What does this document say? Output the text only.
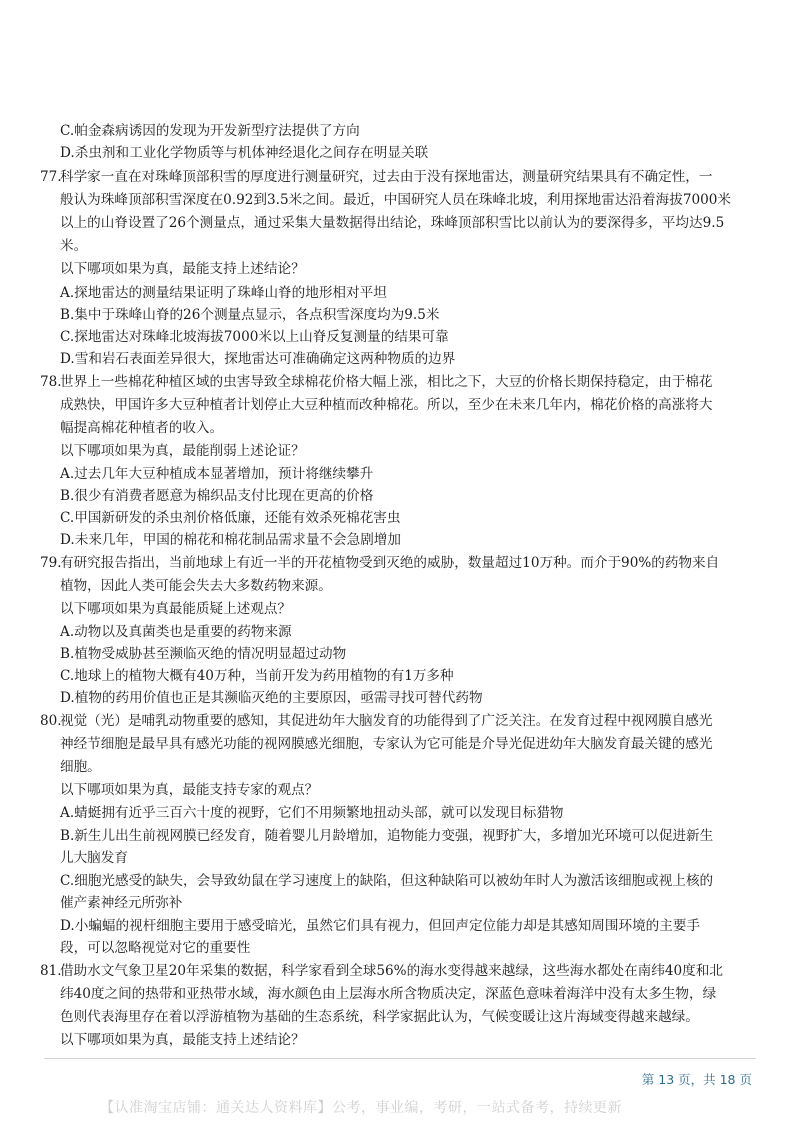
C.帕金森病诱因的发现为开发新型疗法提供了方向
D.杀虫剂和工业化学物质等与机体神经退化之间存在明显关联
77.
科学家一直在对珠峰顶部积雪的厚度进行测量研究，过去由于没有探地雷达，测量研究结果具有不确定性，一
般认为珠峰顶部积雪深度在0.92到3.5米之间。最近，中国研究人员在珠峰北坡，利用探地雷达沿着海拔7000米
以上的山脊设置了26个测量点，通过采集大量数据得出结论，珠峰顶部积雪比以前认为的要深得多，平均达9.5
米。
以下哪项如果为真，最能支持上述结论？
A.探地雷达的测量结果证明了珠峰山脊的地形相对平坦
B.集中于珠峰山脊的26个测量点显示，各点积雪深度均为9.5米
C.探地雷达对珠峰北坡海拔7000米以上山脊反复测量的结果可靠
D.雪和岩石表面差异很大，探地雷达可准确确定这两种物质的边界
78.
世界上一些棉花种植区域的虫害导致全球棉花价格大幅上涨，相比之下，大豆的价格长期保持稳定，由于棉花
成熟快，甲国许多大豆种植者计划停止大豆种植而改种棉花。所以，至少在未来几年内，棉花价格的高涨将大
幅提高棉花种植者的收入。
以下哪项如果为真，最能削弱上述论证？
A.过去几年大豆种植成本显著增加，预计将继续攀升
B.很少有消费者愿意为棉织品支付比现在更高的价格
C.甲国新研发的杀虫剂价格低廉，还能有效杀死棉花害虫
D.未来几年，甲国的棉花和棉花制品需求量不会急剧增加
79.
有研究报告指出，当前地球上有近一半的开花植物受到灭绝的威胁，数量超过10万种。而介于90%的药物来自
植物，因此人类可能会失去大多数药物来源。
以下哪项如果为真最能质疑上述观点？
A.动物以及真菌类也是重要的药物来源
B.植物受威胁甚至濒临灭绝的情况明显超过动物
C.地球上的植物大概有40万种，当前开发为药用植物的有1万多种
D.植物的药用价值也正是其濒临灭绝的主要原因，亟需寻找可替代药物
80.
视觉（光）是哺乳动物重要的感知，其促进幼年大脑发育的功能得到了广泛关注。在发育过程中视网膜自感光
神经节细胞是最早具有感光功能的视网膜感光细胞，专家认为它可能是介导光促进幼年大脑发育最关键的感光
细胞。
以下哪项如果为真，最能支持专家的观点？
A.蜻蜓拥有近乎三百六十度的视野，它们不用频繁地扭动头部，就可以发现目标猎物
B.新生儿出生前视网膜已经发育，随着婴儿月龄增加，追物能力变强，视野扩大，多增加光环境可以促进新生
儿大脑发育
C.细胞光感受的缺失，会导致幼鼠在学习速度上的缺陷，但这种缺陷可以被幼年时人为激活该细胞或视上核的
催产素神经元所弥补
D.小蝙蝠的视杆细胞主要用于感受暗光，虽然它们具有视力，但回声定位能力却是其感知周围环境的主要手
段，可以忽略视觉对它的重要性
81.
借助水文气象卫星20年采集的数据，科学家看到全球56%的海水变得越来越绿，这些海水都处在南纬40度和北
纬40度之间的热带和亚热带水域，海水颜色由上层海水所含物质决定，深蓝色意味着海洋中没有太多生物，绿
色则代表海里存在着以浮游植物为基础的生态系统，科学家据此认为，气候变暖让这片海域变得越来越绿。
以下哪项如果为真，最能支持上述结论？
第 13 页，共 18 页
【认准淘宝店铺：通关达人资料库】公考，事业编，考研，一站式备考，持续更新
